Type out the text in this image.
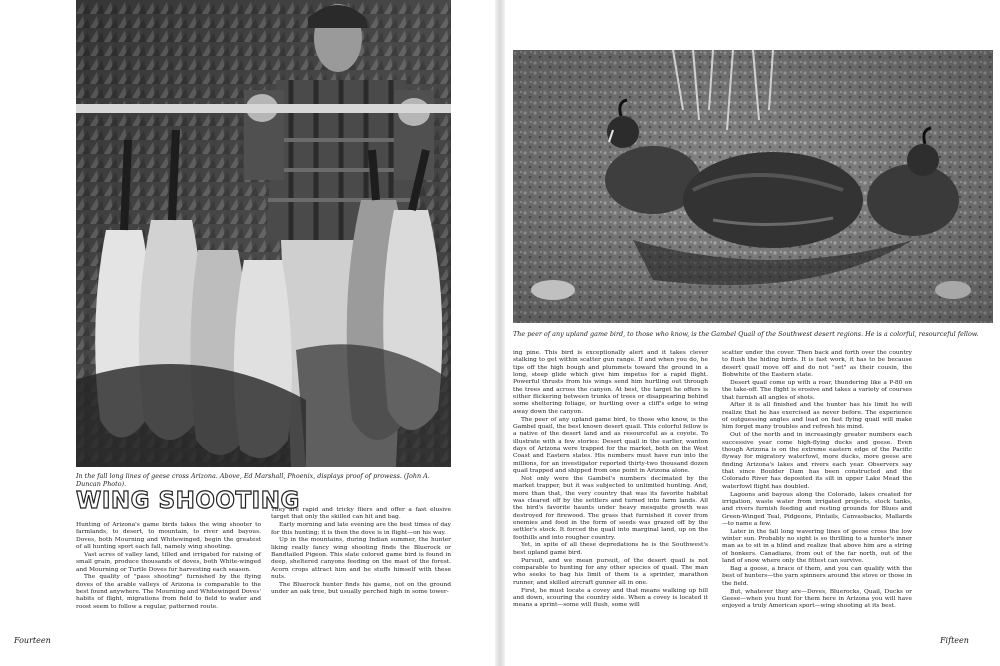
In the fall long lines of geese cross Arizona. Above, Ed Marshall, Phoenix, displays proof of prowess. (John A. Duncan Photo).
WING SHOOTING

Hunting of Arizona's game birds takes the wing shooter to farmlands, to desert, to mountain, to river and bayous. Doves, both Mourning and Whitewinged, begin the greatest of all hunting sport each fall, namely wing shooting.

Vast acres of valley land, tilled and irrigated for raising of small grain, produce thousands of doves, both White-winged and Mourning or Turtle Doves for harvesting each season.

The quality of "pass shooting" furnished by the flying doves of the arable valleys of Arizona is comparable to the best found anywhere. The Mourning and Whitewinged Doves' habits of flight, migrations from field to field to water and roost seem to follow a regular, patterned route.

They are rapid and tricky fliers and offer a fast elusive target that only the skilled can hit and bag.

Early morning and late evening are the best times of day for this hunting; it is then the dove is in flight—on his way.

Up in the mountains, during Indian summer, the hunter liking really fancy wing shooting finds the Bluerock or Bandtailed Pigeon. This slate colored game bird is found in deep, sheltered canyons feeding on the mast of the forest. Acorn crops attract him and he stuffs himself with these nuts.

The Bluerock hunter finds his game, not on the ground under an oak tree, but usually perched high in some tower-

Fourteen
The peer of any upland game bird, to those who know, is the Gambel Quail of the Southwest desert regions. He is a colorful, resourceful fellow.

ing pine. This bird is exceptionally alert and it takes clever stalking to get within scatter gun range. If and when you do, he tips off the high bough and plummets toward the ground in a long, steep glide which give him impetus for a rapid flight. Powerful thrusts from his wings send him hurtling out through the trees and across the canyon. At best, the target he offers is either flickering between trunks of trees or disappearing behind some sheltering foliage, or hurtling over a cliff's edge to wing away down the canyon.

The peer of any upland game bird, to those who know, is the Gambel quail, the best known desert quail. This colorful fellow is a native of the desert land and as resourceful as a coyote. To illustrate with a few stories: Desert quail in the earlier, wanton days of Arizona were trapped for the market, both on the West Coast and Eastern states. His numbers must have run into the millions, for an investigator reported thirty-two thousand dozen quail trapped and shipped from one point in Arizona alone.

Not only were the Gambel's numbers decimated by the market trapper, but it was subjected to unlimited hunting. And, more than that, the very country that was its favorite habitat was cleared off by the settlers and turned into farm lands. All the bird's favorite haunts under heavy mesquite growth was destroyed for firewood. The grass that furnished it cover from enemies and food in the form of seeds was grazed off by the settler's stock. It forced the quail into marginal land, up on the foothills and into rougher country.

Yet, in spite of all these depredations he is the Southwest's best upland game bird.

Pursuit, and we mean pursuit, of the desert quail is not comparable to hunting for any other species of quail. The man who seeks to bag his limit of them is a sprinter, marathon runner, and skilled aircraft gunner all in one.

First, he must locate a covey and that means walking up hill and down, scouring the country side. When a covey is located it means a sprint—some will flush, some will

scatter under the cover. Then back and forth over the country to flush the hiding birds. It is fast work, it has to be because desert quail move off and do not "set" as their cousin, the Bobwhite of the Eastern state.

Desert quail come up with a roar, thundering like a P-80 on the take-off. The flight is erosive and takes a variety of courses that furnish all angles of shots.

After it is all finished and the hunter has his limit he will realize that he has exercised as never before. The experience of outguessing angles and lead on fast flying quail will make him forget many troubles and refresh his mind.

Out of the north and in increasingly greater numbers each successive year come high-flying ducks and geese. Even though Arizona is on the extreme eastern edge of the Pacific flyway for migratory waterfowl, more ducks, more geese are finding Arizona's lakes and rivers each year. Observers say that since Boulder Dam has been constructed and the Colorado River has deposited its silt in upper Lake Mead the waterfowl flight has doubled.

Lagoons and bayous along the Colorado, lakes created for irrigation, waste water from irrigated projects, stock tanks, and rivers furnish feeding and resting grounds for Blues and Green-Winged Teal, Pidgeons, Pintails, Canvasbacks, Mallards—to name a few.

Later in the fall long wavering lines of geese cross the low winter sun. Probably no sight is so thrilling to a hunter's inner man as to sit in a blind and realize that above him are a string of honkers. Canadians, from out of the far north, out of the land of snow where only the fittest can survive.

Bag a goose, a brace of them, and you can qualify with the best of hunters—the yarn spinners around the stove or those in the field.

But, whatever they are—Doves, Bluerocks, Quail, Ducks or Geese—when you hunt for them here in Arizona you will have enjoyed a truly American sport—wing shooting at its best.

Fifteen
